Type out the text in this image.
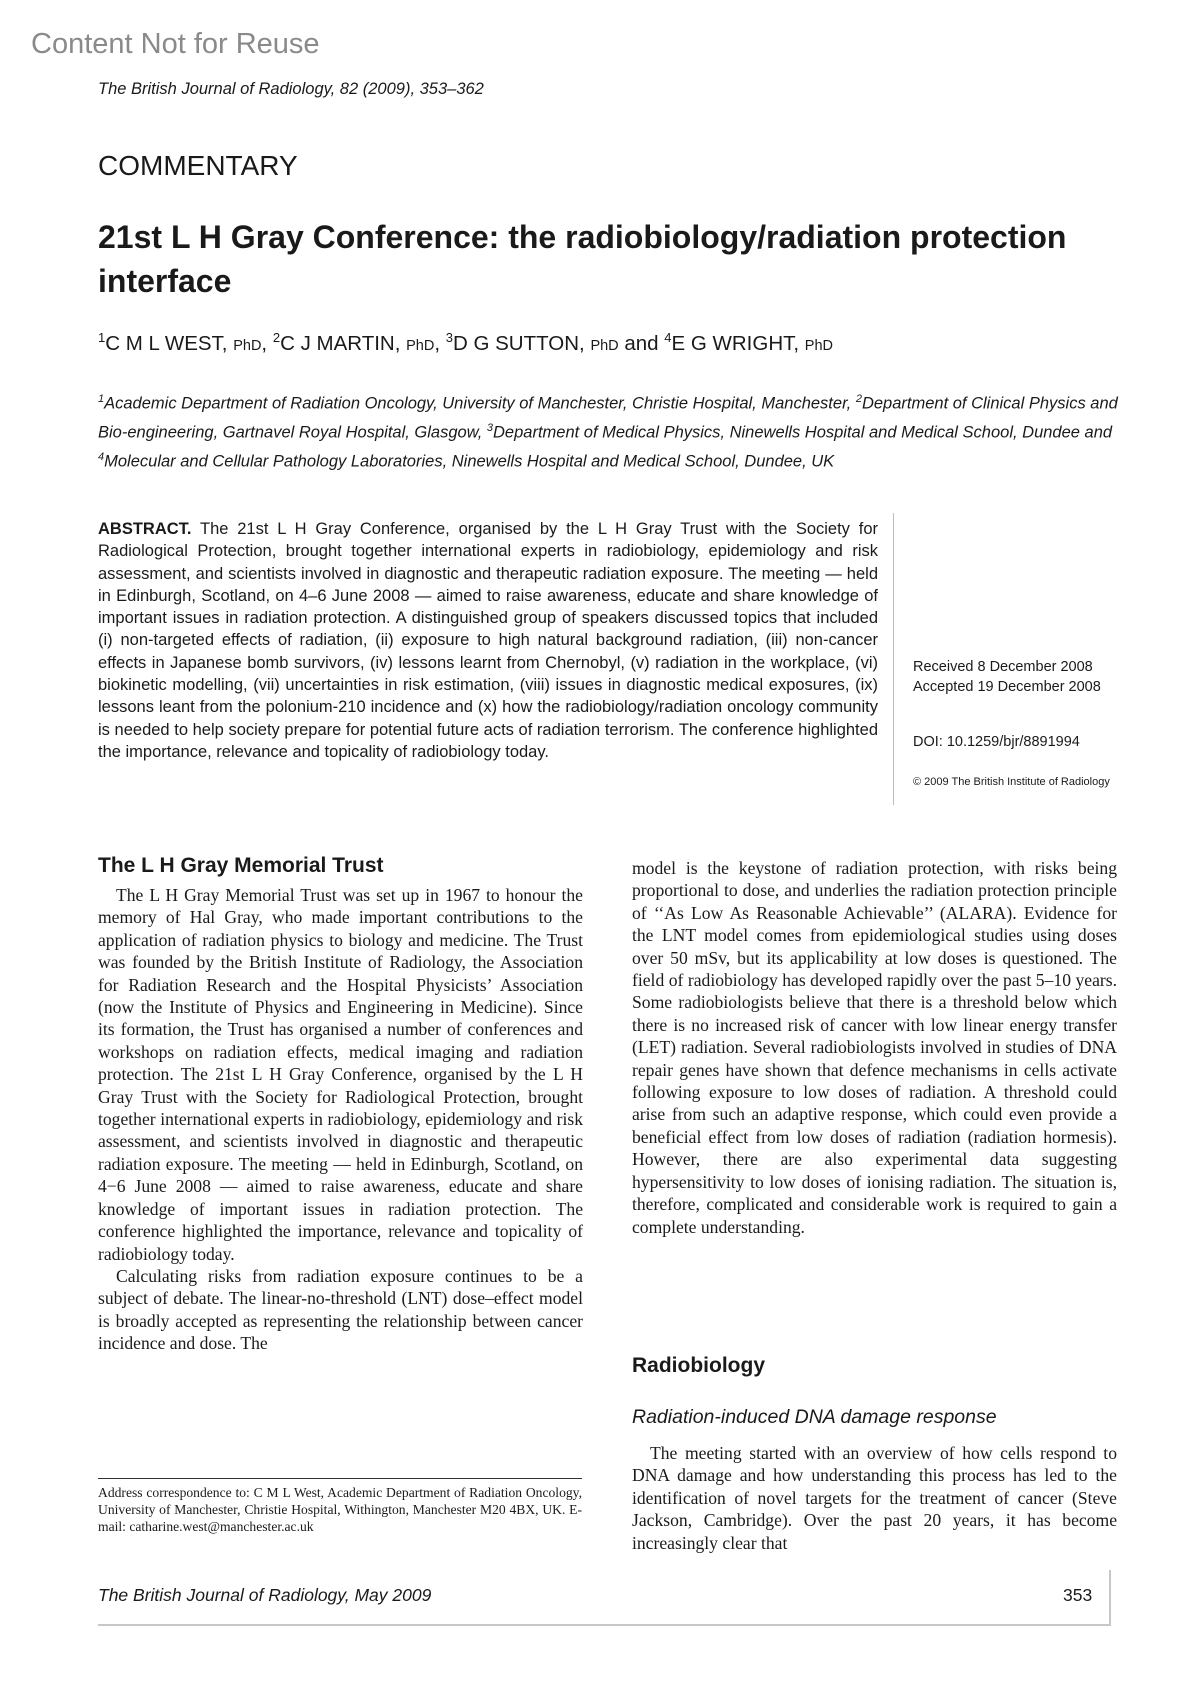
Content Not for Reuse
The British Journal of Radiology, 82 (2009), 353–362
COMMENTARY
21st L H Gray Conference: the radiobiology/radiation protection interface
$^1$C M L WEST, PhD, $^2$C J MARTIN, PhD, $^3$D G SUTTON, PhD and $^4$E G WRIGHT, PhD
$^1$Academic Department of Radiation Oncology, University of Manchester, Christie Hospital, Manchester, $^2$Department of Clinical Physics and Bio-engineering, Gartnavel Royal Hospital, Glasgow, $^3$Department of Medical Physics, Ninewells Hospital and Medical School, Dundee and $^4$Molecular and Cellular Pathology Laboratories, Ninewells Hospital and Medical School, Dundee, UK
ABSTRACT. The 21st L H Gray Conference, organised by the L H Gray Trust with the Society for Radiological Protection, brought together international experts in radiobiology, epidemiology and risk assessment, and scientists involved in diagnostic and therapeutic radiation exposure. The meeting — held in Edinburgh, Scotland, on 4–6 June 2008 — aimed to raise awareness, educate and share knowledge of important issues in radiation protection. A distinguished group of speakers discussed topics that included (i) non-targeted effects of radiation, (ii) exposure to high natural background radiation, (iii) non-cancer effects in Japanese bomb survivors, (iv) lessons learnt from Chernobyl, (v) radiation in the workplace, (vi) biokinetic modelling, (vii) uncertainties in risk estimation, (viii) issues in diagnostic medical exposures, (ix) lessons leant from the polonium-210 incidence and (x) how the radiobiology/radiation oncology community is needed to help society prepare for potential future acts of radiation terrorism. The conference highlighted the importance, relevance and topicality of radiobiology today.
Received 8 December 2008
Accepted 19 December 2008
DOI: 10.1259/bjr/8891994
© 2009 The British Institute of Radiology
The L H Gray Memorial Trust

The L H Gray Memorial Trust was set up in 1967 to honour the memory of Hal Gray, who made important contributions to the application of radiation physics to biology and medicine. The Trust was founded by the British Institute of Radiology, the Association for Radiation Research and the Hospital Physicists’ Association (now the Institute of Physics and Engineering in Medicine). Since its formation, the Trust has organised a number of conferences and workshops on radiation effects, medical imaging and radiation protection. The 21st L H Gray Conference, organised by the L H Gray Trust with the Society for Radiological Protection, brought together international experts in radiobiology, epidemiology and risk assessment, and scientists involved in diagnostic and therapeutic radiation exposure. The meeting — held in Edinburgh, Scotland, on 4−6 June 2008 — aimed to raise awareness, educate and share knowledge of important issues in radiation protection. The conference highlighted the importance, relevance and topicality of radiobiology today.

Calculating risks from radiation exposure continues to be a subject of debate. The linear-no-threshold (LNT) dose–effect model is broadly accepted as representing the relationship between cancer incidence and dose. The

model is the keystone of radiation protection, with risks being proportional to dose, and underlies the radiation protection principle of ‘‘As Low As Reasonable Achievable’’ (ALARA). Evidence for the LNT model comes from epidemiological studies using doses over 50 mSv, but its applicability at low doses is questioned. The field of radiobiology has developed rapidly over the past 5–10 years. Some radiobiologists believe that there is a threshold below which there is no increased risk of cancer with low linear energy transfer (LET) radiation. Several radiobiologists involved in studies of DNA repair genes have shown that defence mechanisms in cells activate following exposure to low doses of radiation. A threshold could arise from such an adaptive response, which could even provide a beneficial effect from low doses of radiation (radiation hormesis). However, there are also experimental data suggesting hypersensitivity to low doses of ionising radiation. The situation is, therefore, complicated and considerable work is required to gain a complete understanding.

Radiobiology
Radiation-induced DNA damage response

The meeting started with an overview of how cells respond to DNA damage and how understanding this process has led to the identification of novel targets for the treatment of cancer (Steve Jackson, Cambridge). Over the past 20 years, it has become increasingly clear that

Address correspondence to: C M L West, Academic Department of Radiation Oncology, University of Manchester, Christie Hospital, Withington, Manchester M20 4BX, UK. E-mail: catharine.west@manchester.ac.uk
The British Journal of Radiology, May 2009	353
